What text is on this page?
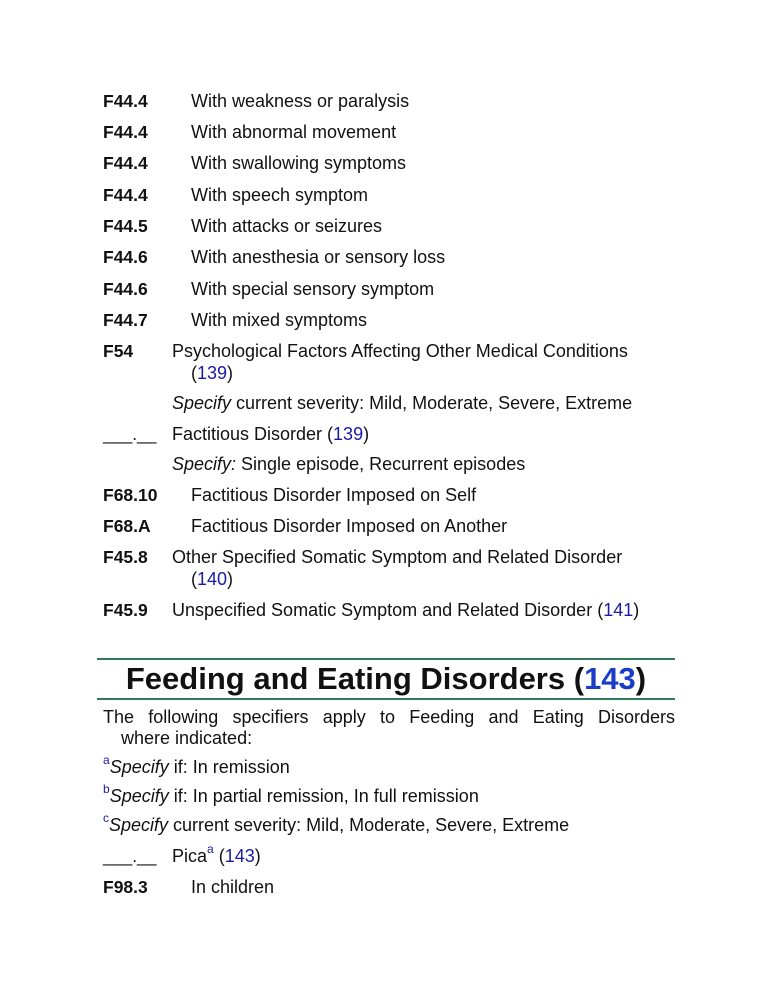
F44.4 With weakness or paralysis
F44.4 With abnormal movement
F44.4 With swallowing symptoms
F44.4 With speech symptom
F44.5 With attacks or seizures
F44.6 With anesthesia or sensory loss
F44.6 With special sensory symptom
F44.7 With mixed symptoms
F54 Psychological Factors Affecting Other Medical Conditions
(139)
Specify current severity: Mild, Moderate, Severe, Extreme
___.__ Factitious Disorder (139)
Specify: Single episode, Recurrent episodes
F68.10 Factitious Disorder Imposed on Self
F68.A Factitious Disorder Imposed on Another
F45.8 Other Specified Somatic Symptom and Related Disorder
(140)
F45.9 Unspecified Somatic Symptom and Related Disorder (141)
Feeding and Eating Disorders (143)
The following specifiers apply to Feeding and Eating Disorders
where indicated:
$^a$Specify if: In remission
$^b$Specify if: In partial remission, In full remission
$^c$Specify current severity: Mild, Moderate, Severe, Extreme
___.__ Pica$^a$ (143)
F98.3 In children
